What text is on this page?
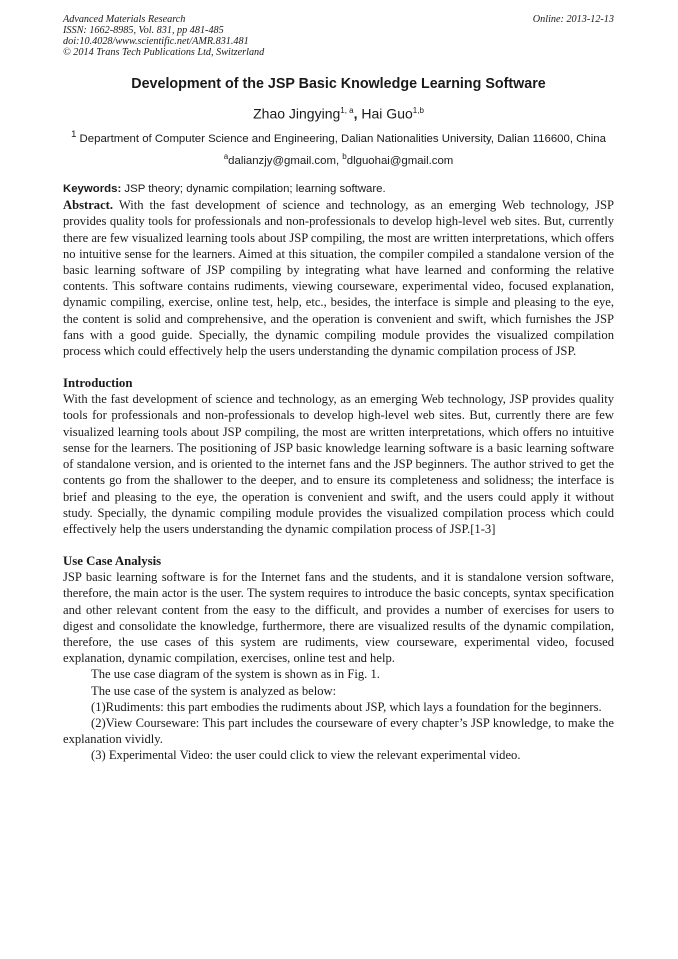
Advanced Materials Research
ISSN: 1662-8985, Vol. 831, pp 481-485
doi:10.4028/www.scientific.net/AMR.831.481
© 2014 Trans Tech Publications Ltd, Switzerland
Online: 2013-12-13
Development of the JSP Basic Knowledge Learning Software
Zhao Jingying$^{1, a}$, Hai Guo$^{1,b}$
$^1$ Department of Computer Science and Engineering, Dalian Nationalities University, Dalian 116600, China
$^a$dalianzjy@gmail.com, $^b$dlguohai@gmail.com
Keywords: JSP theory; dynamic compilation; learning software.

Abstract. With the fast development of science and technology, as an emerging Web technology, JSP provides quality tools for professionals and non-professionals to develop high-level web sites. But, currently there are few visualized learning tools about JSP compiling, the most are written interpretations, which offers no intuitive sense for the learners. Aimed at this situation, the compiler compiled a standalone version of the basic learning software of JSP compiling by integrating what have learned and conforming the relative contents. This software contains rudiments, viewing courseware, experimental video, focused explanation, dynamic compiling, exercise, online test, help, etc., besides, the interface is simple and pleasing to the eye, the content is solid and comprehensive, and the operation is convenient and swift, which furnishes the JSP fans with a good guide. Specially, the dynamic compiling module provides the visualized compilation process which could effectively help the users understanding the dynamic compilation process of JSP.

Introduction

With the fast development of science and technology, as an emerging Web technology, JSP provides quality tools for professionals and non-professionals to develop high-level web sites. But, currently there are few visualized learning tools about JSP compiling, the most are written interpretations, which offers no intuitive sense for the learners. The positioning of JSP basic knowledge learning software is a basic learning software of standalone version, and is oriented to the internet fans and the JSP beginners. The author strived to get the contents go from the shallower to the deeper, and to ensure its completeness and solidness; the interface is brief and pleasing to the eye, the operation is convenient and swift, and the users could apply it without study. Specially, the dynamic compiling module provides the visualized compilation process which could effectively help the users understanding the dynamic compilation process of JSP.[1-3]

Use Case Analysis

JSP basic learning software is for the Internet fans and the students, and it is standalone version software, therefore, the main actor is the user. The system requires to introduce the basic concepts, syntax specification and other relevant content from the easy to the difficult, and provides a number of exercises for users to digest and consolidate the knowledge, furthermore, there are visualized results of the dynamic compilation, therefore, the use cases of this system are rudiments, view courseware, experimental video, focused explanation, dynamic compilation, exercises, online test and help.

The use case diagram of the system is shown as in Fig. 1.

The use case of the system is analyzed as below:

(1)Rudiments: this part embodies the rudiments about JSP, which lays a foundation for the beginners.

(2)View Courseware: This part includes the courseware of every chapter’s JSP knowledge, to make the explanation vividly.

(3) Experimental Video: the user could click to view the relevant experimental video.
